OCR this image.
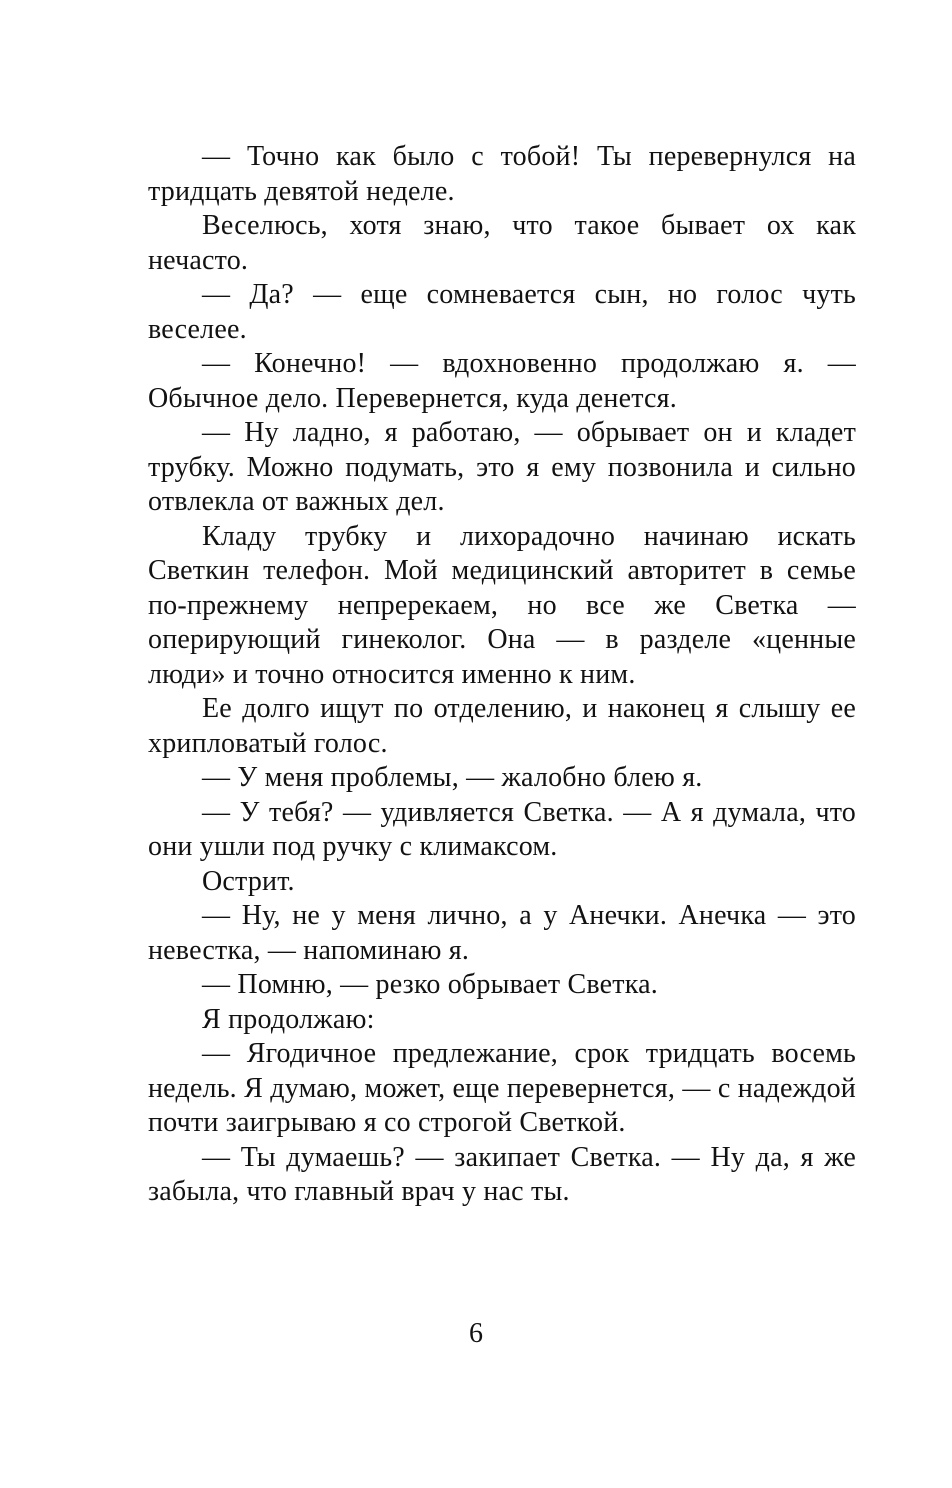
— Точно как было с тобой! Ты перевернулся на тридцать девятой неделе.

Веселюсь, хотя знаю, что такое бывает ох как нечасто.

— Да? — еще сомневается сын, но голос чуть веселее.

— Конечно! — вдохновенно продолжаю я. — Обычное дело. Перевернется, куда денется.

— Ну ладно, я работаю, — обрывает он и кладет трубку. Можно подумать, это я ему позвонила и сильно отвлекла от важных дел.

Кладу трубку и лихорадочно начинаю искать Светкин телефон. Мой медицинский авторитет в семье по-прежнему непререкаем, но все же Светка — оперирующий гинеколог. Она — в разделе «ценные люди» и точно относится именно к ним.

Ее долго ищут по отделению, и наконец я слышу ее хрипловатый голос.

— У меня проблемы, — жалобно блею я.

— У тебя? — удивляется Светка. — А я думала, что они ушли под ручку с климаксом.

Острит.

— Ну, не у меня лично, а у Анечки. Анечка — это невестка, — напоминаю я.

— Помню, — резко обрывает Светка.

Я продолжаю:

— Ягодичное предлежание, срок тридцать восемь недель. Я думаю, может, еще перевернется, — с надеждой почти заигрываю я со строгой Светкой.

— Ты думаешь? — закипает Светка. — Ну да, я же забыла, что главный врач у нас ты.

6
